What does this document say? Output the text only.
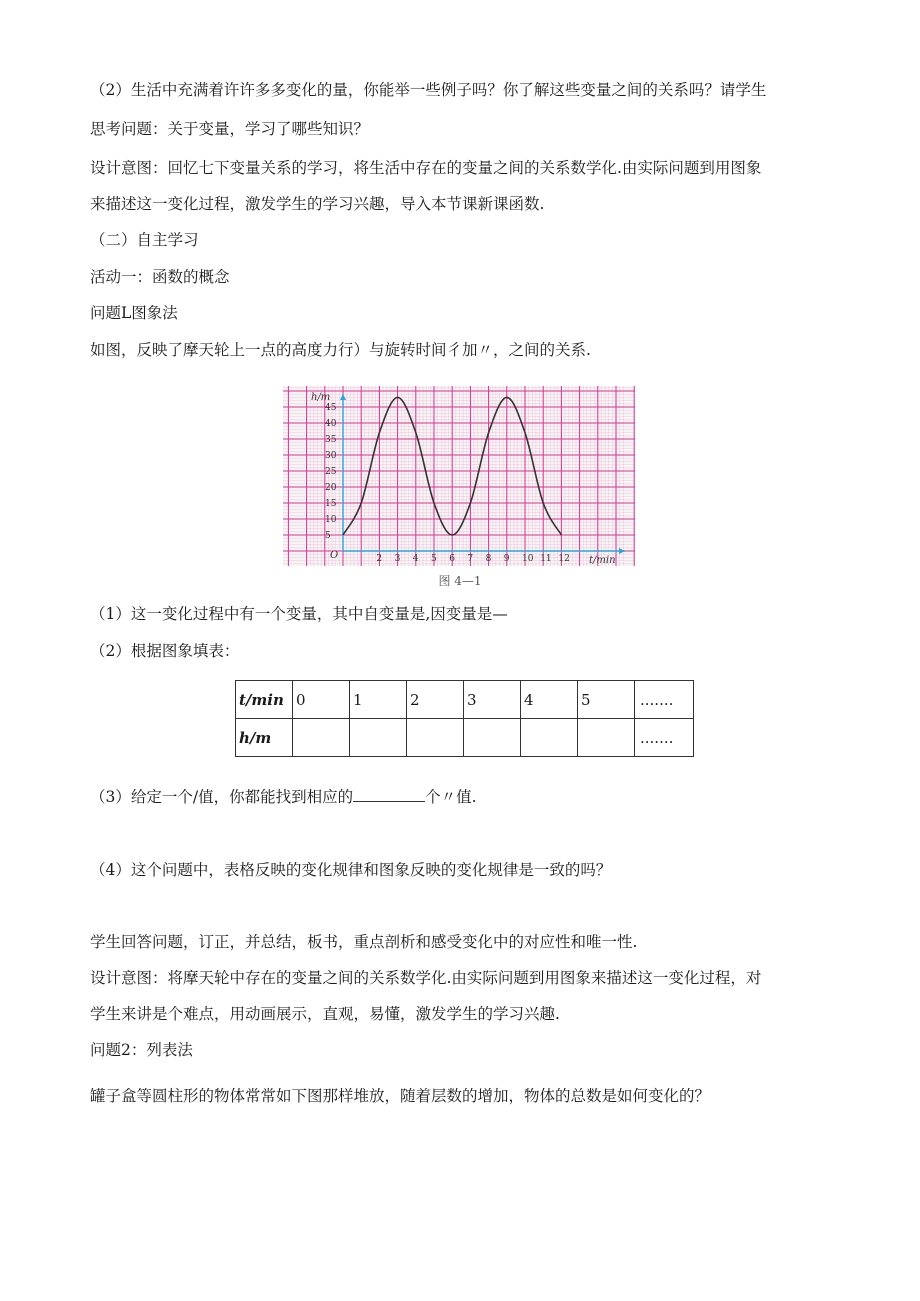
（2）生活中充满着许许多多变化的量，你能举一些例子吗？你了解这些变量之间的关系吗？请学生
思考问题：关于变量，学习了哪些知识？
设计意图：回忆七下变量关系的学习，将生活中存在的变量之间的关系数学化.由实际问题到用图象
来描述这一变化过程，激发学生的学习兴趣，导入本节课新课函数.
（二）自主学习
活动一：函数的概念
问题L图象法
如图，反映了摩天轮上一点的高度力行）与旋转时间彳加〃，之间的关系.
2 3 4 5 6 7 8 9 10 11 12
5
10
15
20
25
30
35
40
45
h/m
t/min
O
图 4—1
（1）这一变化过程中有一个变量，其中自变量是,因变量是—
（2）根据图象填表：
t/min	0	1	2	3	4	5	.......
h/m							.......
（3）给定一个/值，你都能找到相应的	个〃值.
（4）这个问题中，表格反映的变化规律和图象反映的变化规律是一致的吗？
学生回答问题，订正，并总结，板书，重点剖析和感受变化中的对应性和唯一性.
设计意图：将摩天轮中存在的变量之间的关系数学化.由实际问题到用图象来描述这一变化过程，对
学生来讲是个难点，用动画展示，直观，易懂，激发学生的学习兴趣.
问题2：列表法
罐子盒等圆柱形的物体常常如下图那样堆放，随着层数的增加，物体的总数是如何变化的？
